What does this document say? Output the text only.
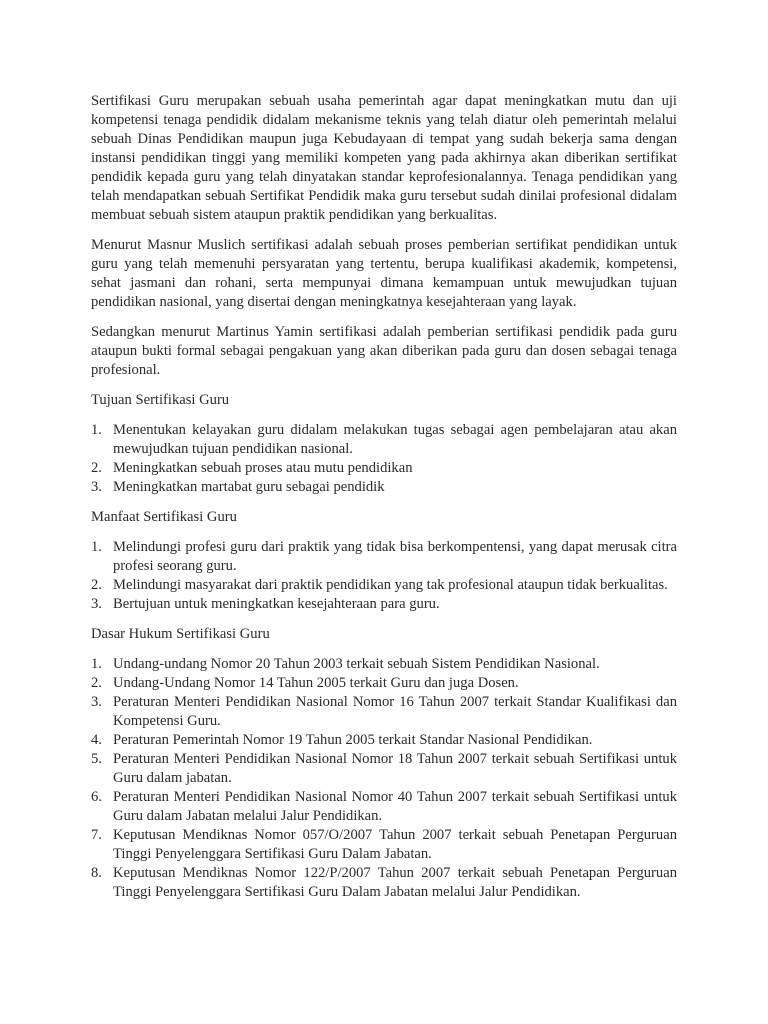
Sertifikasi Guru merupakan sebuah usaha pemerintah agar dapat meningkatkan mutu dan uji kompetensi tenaga pendidik didalam mekanisme teknis yang telah diatur oleh pemerintah melalui sebuah Dinas Pendidikan maupun juga Kebudayaan di tempat yang sudah bekerja sama dengan instansi pendidikan tinggi yang memiliki kompeten yang pada akhirnya akan diberikan sertifikat pendidik kepada guru yang telah dinyatakan standar keprofesionalannya. Tenaga pendidikan yang telah mendapatkan sebuah Sertifikat Pendidik maka guru tersebut sudah dinilai profesional didalam membuat sebuah sistem ataupun praktik pendidikan yang berkualitas.

Menurut Masnur Muslich sertifikasi adalah sebuah proses pemberian sertifikat pendidikan untuk guru yang telah memenuhi persyaratan yang tertentu, berupa kualifikasi akademik, kompetensi, sehat jasmani dan rohani, serta mempunyai dimana kemampuan untuk mewujudkan tujuan pendidikan nasional, yang disertai dengan meningkatnya kesejahteraan yang layak.

Sedangkan menurut Martinus Yamin sertifikasi adalah pemberian sertifikasi pendidik pada guru ataupun bukti formal sebagai pengakuan yang akan diberikan pada guru dan dosen sebagai tenaga profesional.

Tujuan Sertifikasi Guru
1. Menentukan kelayakan guru didalam melakukan tugas sebagai agen pembelajaran atau akan mewujudkan tujuan pendidikan nasional.
2. Meningkatkan sebuah proses atau mutu pendidikan
3. Meningkatkan martabat guru sebagai pendidik
Manfaat Sertifikasi Guru
1. Melindungi profesi guru dari praktik yang tidak bisa berkompentensi, yang dapat merusak citra profesi seorang guru.
2. Melindungi masyarakat dari praktik pendidikan yang tak profesional ataupun tidak berkualitas.
3. Bertujuan untuk meningkatkan kesejahteraan para guru.
Dasar Hukum Sertifikasi Guru
1. Undang-undang Nomor 20 Tahun 2003 terkait sebuah Sistem Pendidikan Nasional.
2. Undang-Undang Nomor 14 Tahun 2005 terkait Guru dan juga Dosen.
3. Peraturan Menteri Pendidikan Nasional Nomor 16 Tahun 2007 terkait Standar Kualifikasi dan Kompetensi Guru.
4. Peraturan Pemerintah Nomor 19 Tahun 2005 terkait Standar Nasional Pendidikan.
5. Peraturan Menteri Pendidikan Nasional Nomor 18 Tahun 2007 terkait sebuah Sertifikasi untuk Guru dalam jabatan.
6. Peraturan Menteri Pendidikan Nasional Nomor 40 Tahun 2007 terkait sebuah Sertifikasi untuk Guru dalam Jabatan melalui Jalur Pendidikan.
7. Keputusan Mendiknas Nomor 057/O/2007 Tahun 2007 terkait sebuah Penetapan Perguruan Tinggi Penyelenggara Sertifikasi Guru Dalam Jabatan.
8. Keputusan Mendiknas Nomor 122/P/2007 Tahun 2007 terkait sebuah Penetapan Perguruan Tinggi Penyelenggara Sertifikasi Guru Dalam Jabatan melalui Jalur Pendidikan.
